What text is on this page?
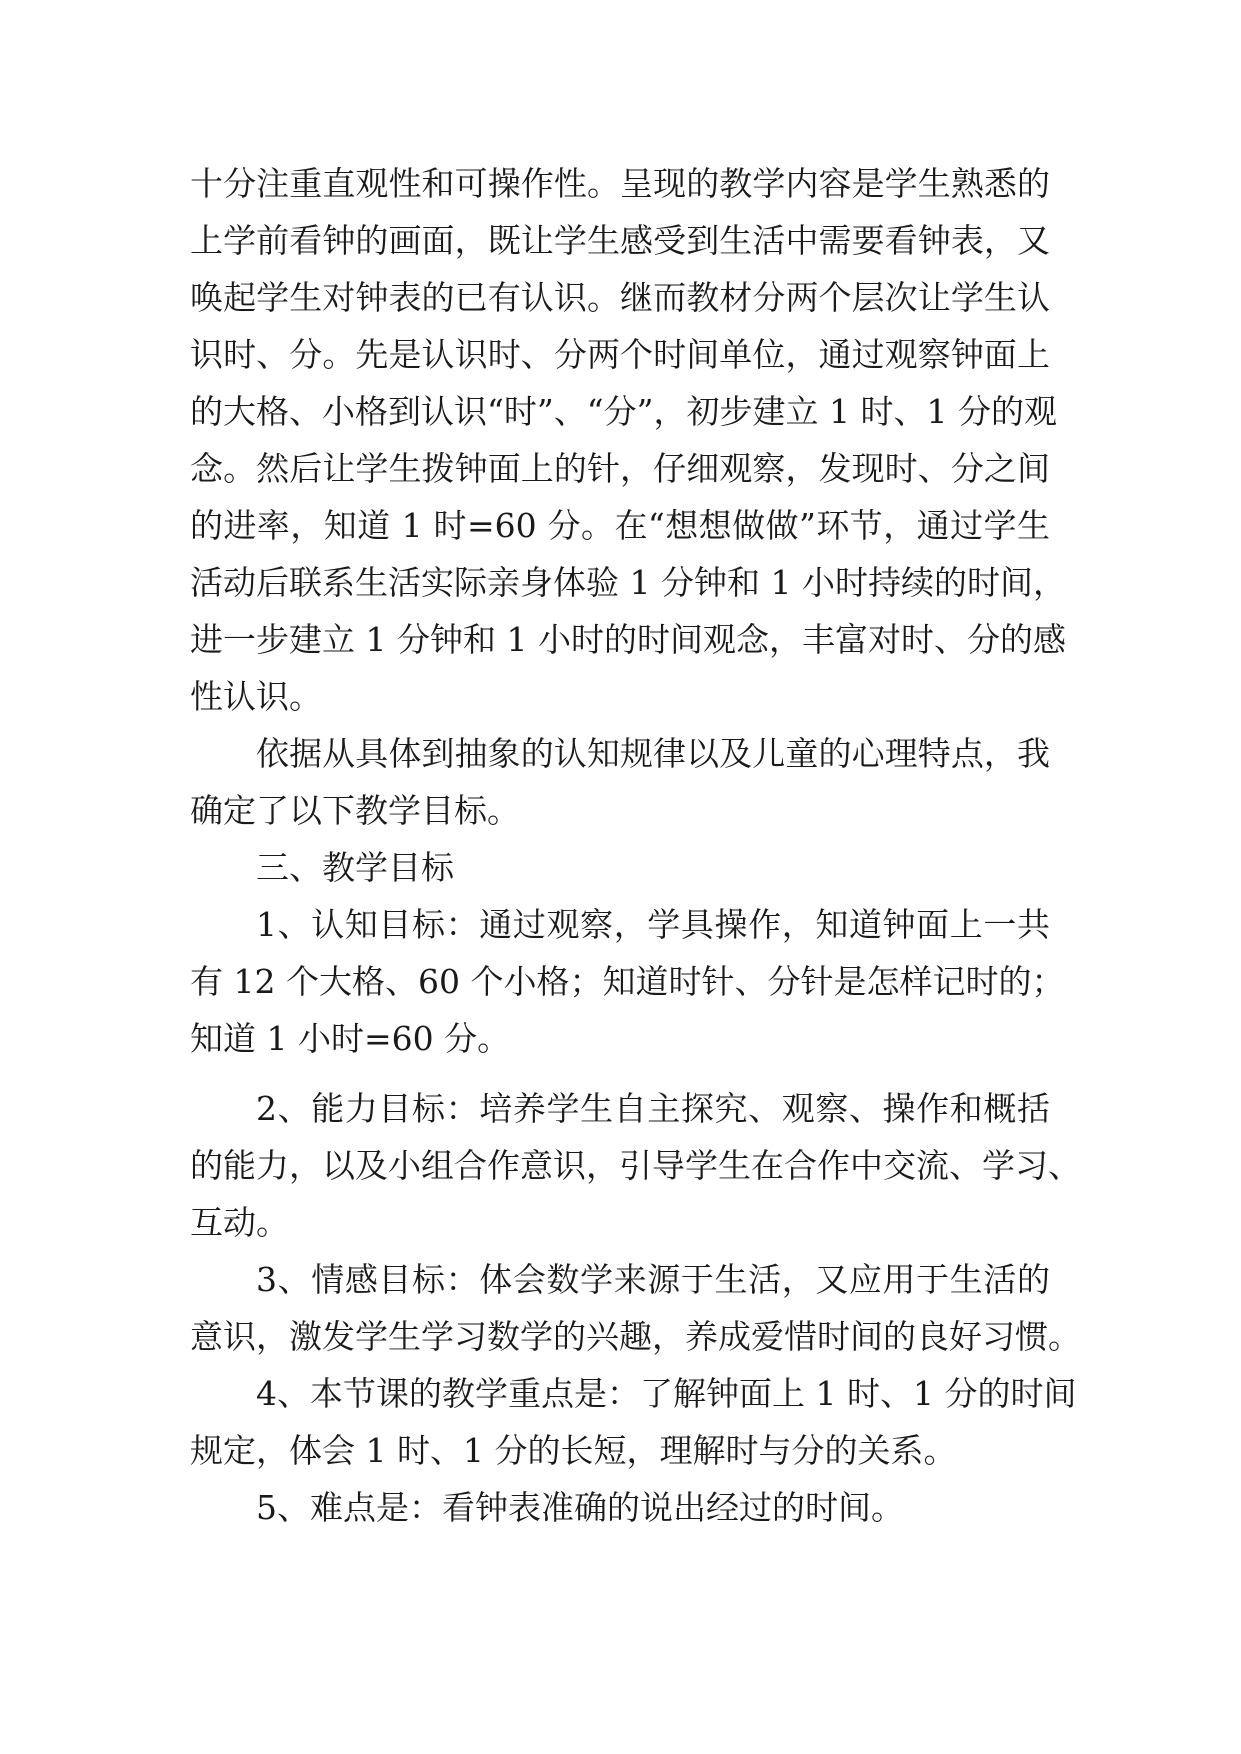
十分注重直观性和可操作性。呈现的教学内容是学生熟悉的
上学前看钟的画面，既让学生感受到生活中需要看钟表，又
唤起学生对钟表的已有认识。继而教材分两个层次让学生认
识时、分。先是认识时、分两个时间单位，通过观察钟面上
的大格、小格到认识“时”、“分”，初步建立 1 时、1 分的观
念。然后让学生拨钟面上的针，仔细观察，发现时、分之间
的进率，知道 1 时=60 分。在“想想做做”环节，通过学生
活动后联系生活实际亲身体验 1 分钟和 1 小时持续的时间，
进一步建立 1 分钟和 1 小时的时间观念，丰富对时、分的感
性认识。
依据从具体到抽象的认知规律以及儿童的心理特点，我
确定了以下教学目标。
三、教学目标
1、认知目标：通过观察，学具操作，知道钟面上一共
有 12 个大格、60 个小格；知道时针、分针是怎样记时的；
知道 1 小时=60 分。
2、能力目标：培养学生自主探究、观察、操作和概括
的能力，以及小组合作意识，引导学生在合作中交流、学习、
互动。
3、情感目标：体会数学来源于生活，又应用于生活的
意识，激发学生学习数学的兴趣，养成爱惜时间的良好习惯。
4、本节课的教学重点是：了解钟面上 1 时、1 分的时间
规定，体会 1 时、1 分的长短，理解时与分的关系。
5、难点是：看钟表准确的说出经过的时间。
